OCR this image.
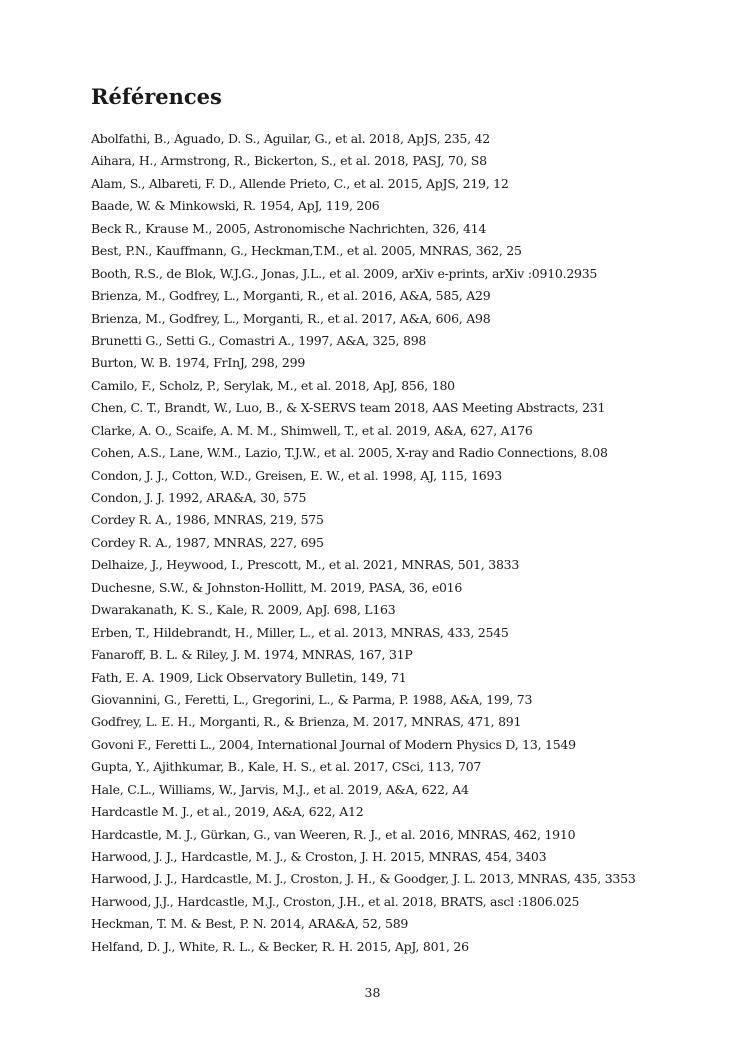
Références
Abolfathi, B., Aguado, D. S., Aguilar, G., et al. 2018, ApJS, 235, 42
Aihara, H., Armstrong, R., Bickerton, S., et al. 2018, PASJ, 70, S8
Alam, S., Albareti, F. D., Allende Prieto, C., et al. 2015, ApJS, 219, 12
Baade, W. & Minkowski, R. 1954, ApJ, 119, 206
Beck R., Krause M., 2005, Astronomische Nachrichten, 326, 414
Best, P.N., Kauffmann, G., Heckman,T.M., et al. 2005, MNRAS, 362, 25
Booth, R.S., de Blok, W.J.G., Jonas, J.L., et al. 2009, arXiv e-prints, arXiv :0910.2935
Brienza, M., Godfrey, L., Morganti, R., et al. 2016, A&A, 585, A29
Brienza, M., Godfrey, L., Morganti, R., et al. 2017, A&A, 606, A98
Brunetti G., Setti G., Comastri A., 1997, A&A, 325, 898
Burton, W. B. 1974, FrInJ, 298, 299
Camilo, F., Scholz, P., Serylak, M., et al. 2018, ApJ, 856, 180
Chen, C. T., Brandt, W., Luo, B., & X-SERVS team 2018, AAS Meeting Abstracts, 231
Clarke, A. O., Scaife, A. M. M., Shimwell, T., et al. 2019, A&A, 627, A176
Cohen, A.S., Lane, W.M., Lazio, T.J.W., et al. 2005, X-ray and Radio Connections, 8.08
Condon, J. J., Cotton, W.D., Greisen, E. W., et al. 1998, AJ, 115, 1693
Condon, J. J. 1992, ARA&A, 30, 575
Cordey R. A., 1986, MNRAS, 219, 575
Cordey R. A., 1987, MNRAS, 227, 695
Delhaize, J., Heywood, I., Prescott, M., et al. 2021, MNRAS, 501, 3833
Duchesne, S.W., & Johnston-Hollitt, M. 2019, PASA, 36, e016
Dwarakanath, K. S., Kale, R. 2009, ApJ. 698, L163
Erben, T., Hildebrandt, H., Miller, L., et al. 2013, MNRAS, 433, 2545
Fanaroff, B. L. & Riley, J. M. 1974, MNRAS, 167, 31P
Fath, E. A. 1909, Lick Observatory Bulletin, 149, 71
Giovannini, G., Feretti, L., Gregorini, L., & Parma, P. 1988, A&A, 199, 73
Godfrey, L. E. H., Morganti, R., & Brienza, M. 2017, MNRAS, 471, 891
Govoni F., Feretti L., 2004, International Journal of Modern Physics D, 13, 1549
Gupta, Y., Ajithkumar, B., Kale, H. S., et al. 2017, CSci, 113, 707
Hale, C.L., Williams, W., Jarvis, M.J., et al. 2019, A&A, 622, A4
Hardcastle M. J., et al., 2019, A&A, 622, A12
Hardcastle, M. J., Gürkan, G., van Weeren, R. J., et al. 2016, MNRAS, 462, 1910
Harwood, J. J., Hardcastle, M. J., & Croston, J. H. 2015, MNRAS, 454, 3403
Harwood, J. J., Hardcastle, M. J., Croston, J. H., & Goodger, J. L. 2013, MNRAS, 435, 3353
Harwood, J.J., Hardcastle, M.J., Croston, J.H., et al. 2018, BRATS, ascl :1806.025
Heckman, T. M. & Best, P. N. 2014, ARA&A, 52, 589
Helfand, D. J., White, R. L., & Becker, R. H. 2015, ApJ, 801, 26
38
